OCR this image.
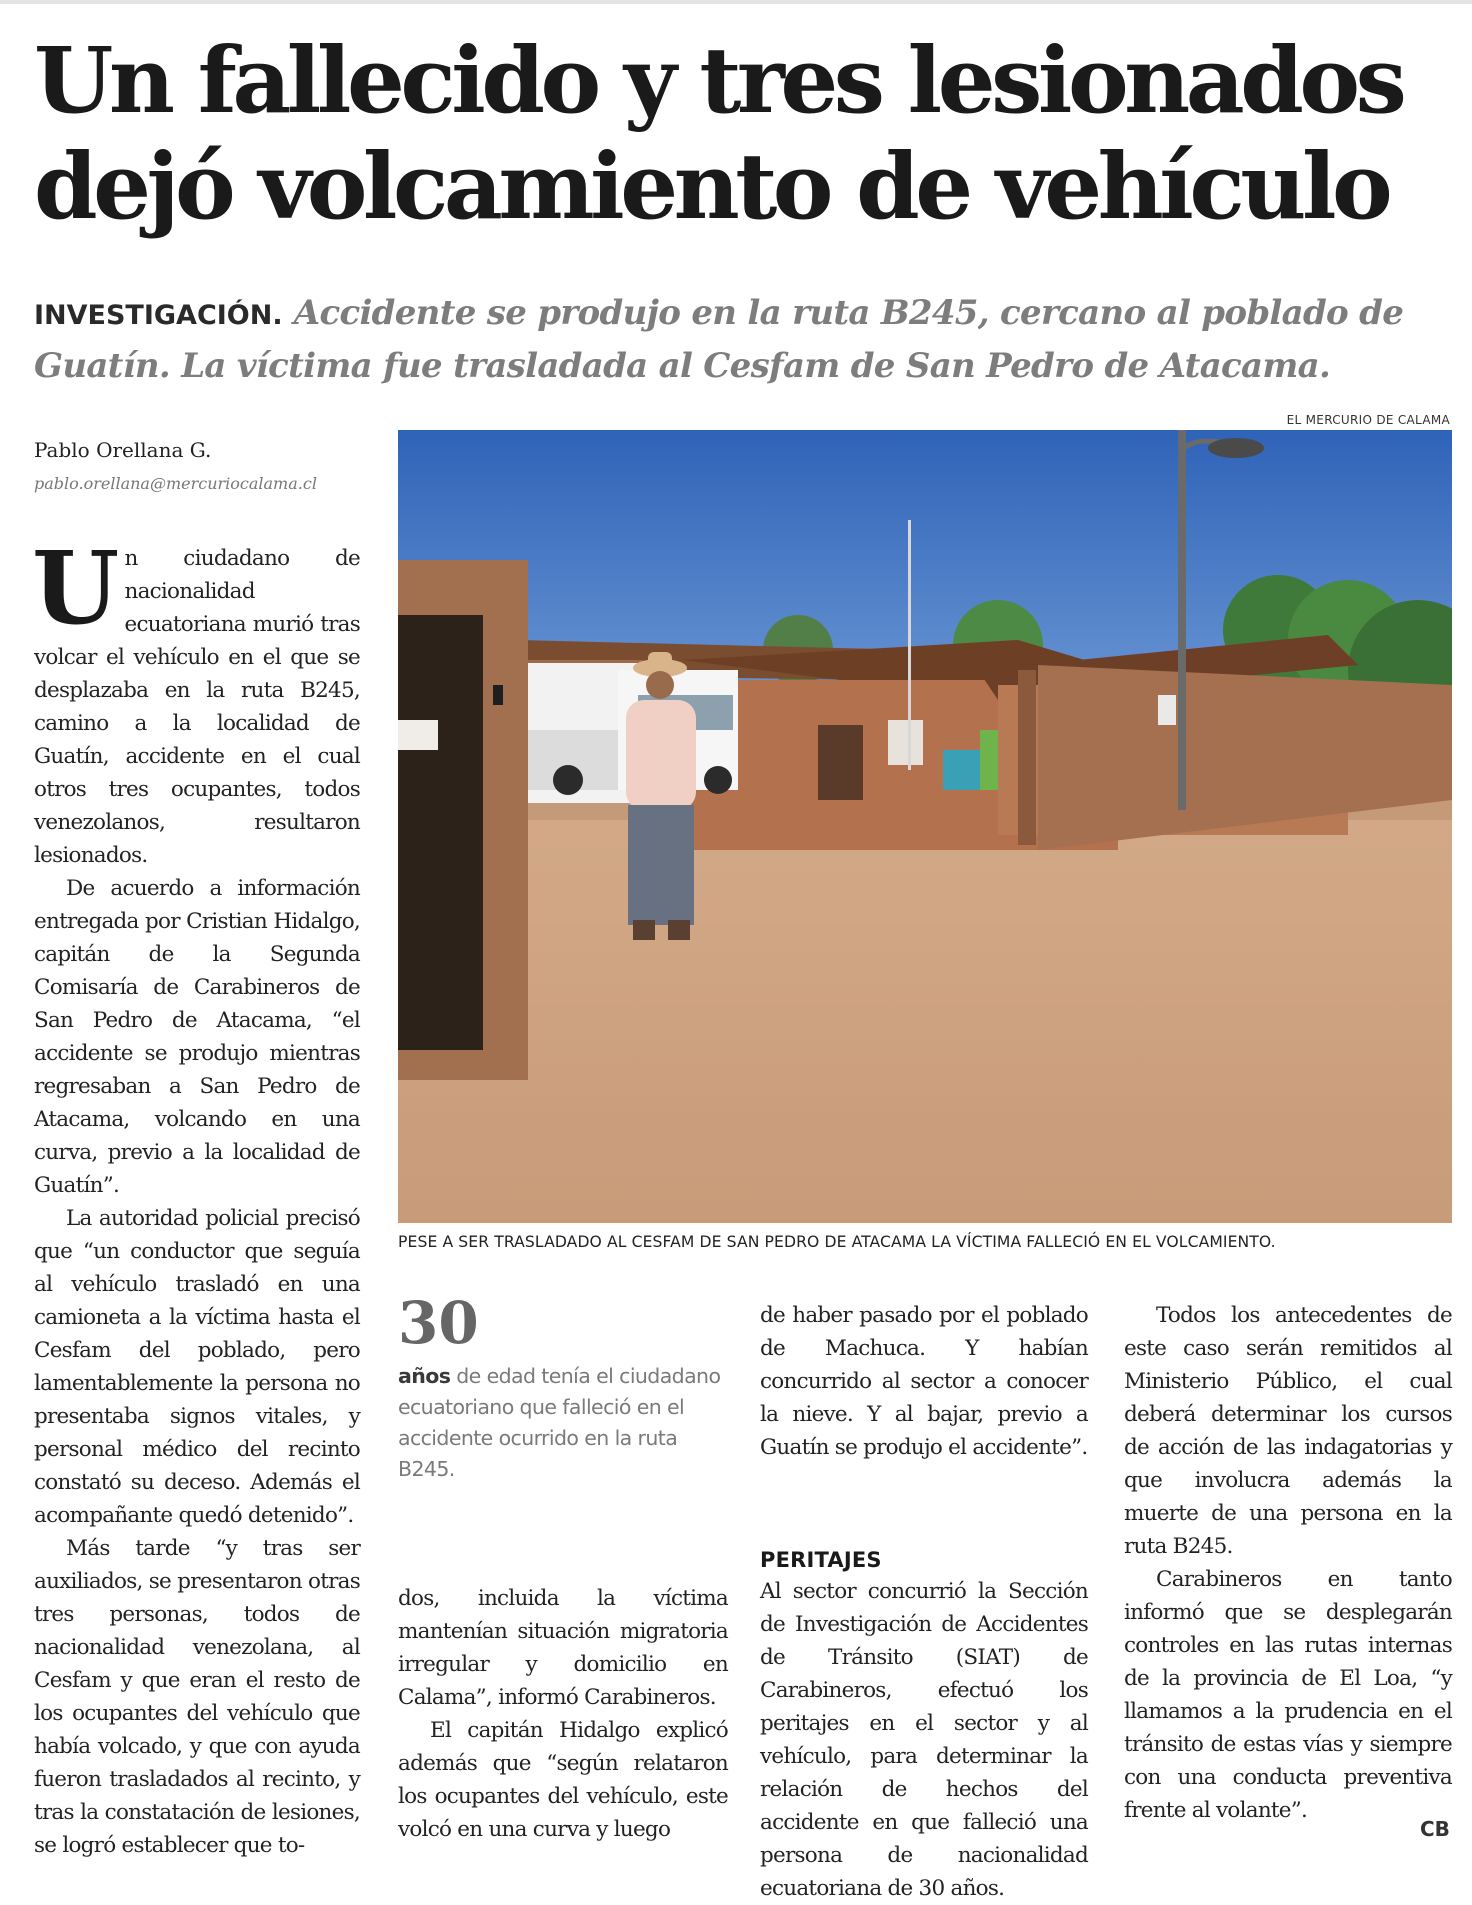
Un fallecido y tres lesionados
dejó volcamiento de vehículo
INVESTIGACIÓN. Accidente se produjo en la ruta B245, cercano al poblado de
Guatín. La víctima fue trasladada al Cesfam de San Pedro de Atacama.
Pablo Orellana G.
pablo.orellana@mercuriocalama.cl
EL MERCURIO DE CALAMA
PESE A SER TRASLADADO AL CESFAM DE SAN PEDRO DE ATACAMA LA VÍCTIMA FALLECIÓ EN EL VOLCAMIENTO.

Un ciudadano de nacionalidad ecuatoriana murió tras volcar el vehículo en el que se desplazaba en la ruta B245, camino a la localidad de Guatín, accidente en el cual otros tres ocupantes, todos venezolanos, resultaron lesionados.

De acuerdo a información entregada por Cristian Hidalgo, capitán de la Segunda Comisaría de Carabineros de San Pedro de Atacama, “el accidente se produjo mientras regresaban a San Pedro de Atacama, volcando en una curva, previo a la localidad de Guatín”.

La autoridad policial precisó que “un conductor que seguía al vehículo trasladó en una camioneta a la víctima hasta el Cesfam del poblado, pero lamentablemente la persona no presentaba signos vitales, y personal médico del recinto constató su deceso. Además el acompañante quedó detenido”.

Más tarde “y tras ser auxiliados, se presentaron otras tres personas, todos de nacionalidad venezolana, al Cesfam y que eran el resto de los ocupantes del vehículo que había volcado, y que con ayuda fueron trasladados al recinto, y tras la constatación de lesiones, se logró establecer que to-

30
años de edad tenía el ciudadano ecuatoriano que falleció en el accidente ocurrido en la ruta B245.

dos, incluida la víctima mantenían situación migratoria irregular y domicilio en Calama”, informó Carabineros.

El capitán Hidalgo explicó además que “según relataron los ocupantes del vehículo, este volcó en una curva y luego

de haber pasado por el poblado de Machuca. Y habían concurrido al sector a conocer la nieve. Y al bajar, previo a Guatín se produjo el accidente”.

PERITAJES

Al sector concurrió la Sección de Investigación de Accidentes de Tránsito (SIAT) de Carabineros, efectuó los peritajes en el sector y al vehículo, para determinar la relación de hechos del accidente en que falleció una persona de nacionalidad ecuatoriana de 30 años.

Todos los antecedentes de este caso serán remitidos al Ministerio Público, el cual deberá determinar los cursos de acción de las indagatorias y que involucra además la muerte de una persona en la ruta B245.

Carabineros en tanto informó que se desplegarán controles en las rutas internas de la provincia de El Loa, “y llamamos a la prudencia en el tránsito de estas vías y siempre con una conducta preventiva frente al volante”.

CB
